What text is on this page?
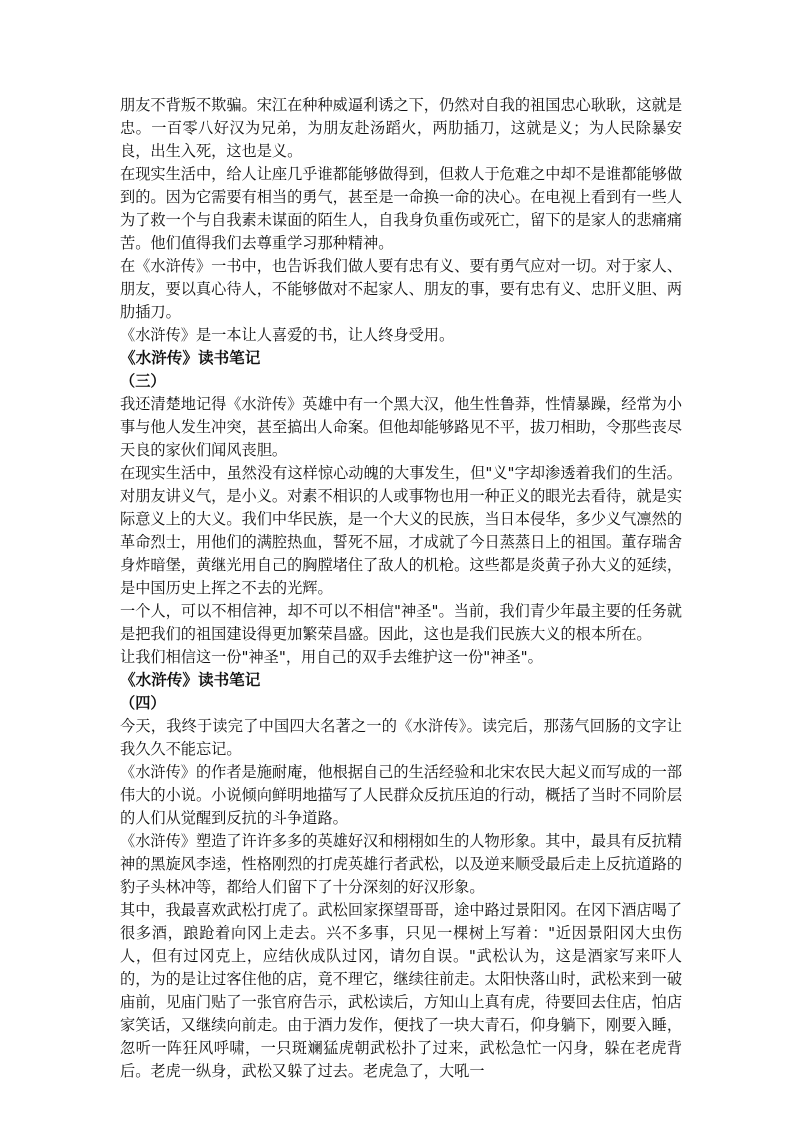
朋友不背叛不欺骗。宋江在种种威逼利诱之下，仍然对自我的祖国忠心耿耿，这就是忠。一百零八好汉为兄弟，为朋友赴汤蹈火，两肋插刀，这就是义；为人民除暴安良，出生入死，这也是义。

在现实生活中，给人让座几乎谁都能够做得到，但救人于危难之中却不是谁都能够做到的。因为它需要有相当的勇气，甚至是一命换一命的决心。在电视上看到有一些人为了救一个与自我素未谋面的陌生人，自我身负重伤或死亡，留下的是家人的悲痛痛苦。他们值得我们去尊重学习那种精神。

在《水浒传》一书中，也告诉我们做人要有忠有义、要有勇气应对一切。对于家人、朋友，要以真心待人，不能够做对不起家人、朋友的事，要有忠有义、忠肝义胆、两肋插刀。

《水浒传》是一本让人喜爱的书，让人终身受用。

《水浒传》读书笔记

（三）

我还清楚地记得《水浒传》英雄中有一个黑大汉，他生性鲁莽，性情暴躁，经常为小事与他人发生冲突，甚至搞出人命案。但他却能够路见不平，拔刀相助，令那些丧尽天良的家伙们闻风丧胆。

在现实生活中，虽然没有这样惊心动魄的大事发生，但"义"字却渗透着我们的生活。对朋友讲义气，是小义。对素不相识的人或事物也用一种正义的眼光去看待，就是实际意义上的大义。我们中华民族，是一个大义的民族，当日本侵华，多少义气凛然的革命烈士，用他们的满腔热血，誓死不屈，才成就了今日蒸蒸日上的祖国。董存瑞舍身炸暗堡，黄继光用自己的胸膛堵住了敌人的机枪。这些都是炎黄子孙大义的延续，是中国历史上挥之不去的光辉。

一个人，可以不相信神，却不可以不相信"神圣"。当前，我们青少年最主要的任务就是把我们的祖国建设得更加繁荣昌盛。因此，这也是我们民族大义的根本所在。

让我们相信这一份"神圣"，用自己的双手去维护这一份"神圣"。

《水浒传》读书笔记

（四）

今天，我终于读完了中国四大名著之一的《水浒传》。读完后，那荡气回肠的文字让我久久不能忘记。

《水浒传》的作者是施耐庵，他根据自己的生活经验和北宋农民大起义而写成的一部伟大的小说。小说倾向鲜明地描写了人民群众反抗压迫的行动，概括了当时不同阶层的人们从觉醒到反抗的斗争道路。

《水浒传》塑造了许许多多的英雄好汉和栩栩如生的人物形象。其中，最具有反抗精神的黑旋风李逵，性格刚烈的打虎英雄行者武松，以及逆来顺受最后走上反抗道路的豹子头林冲等，都给人们留下了十分深刻的好汉形象。

其中，我最喜欢武松打虎了。武松回家探望哥哥，途中路过景阳冈。在冈下酒店喝了很多酒，踉跄着向冈上走去。兴不多事，只见一棵树上写着："近因景阳冈大虫伤人，但有过冈克上，应结伙成队过冈，请勿自误。"武松认为，这是酒家写来吓人的，为的是让过客住他的店，竟不理它，继续往前走。太阳快落山时，武松来到一破庙前，见庙门贴了一张官府告示，武松读后，方知山上真有虎，待要回去住店，怕店家笑话，又继续向前走。由于酒力发作，便找了一块大青石，仰身躺下，刚要入睡，忽听一阵狂风呼啸，一只斑斓猛虎朝武松扑了过来，武松急忙一闪身，躲在老虎背后。老虎一纵身，武松又躲了过去。老虎急了，大吼一
